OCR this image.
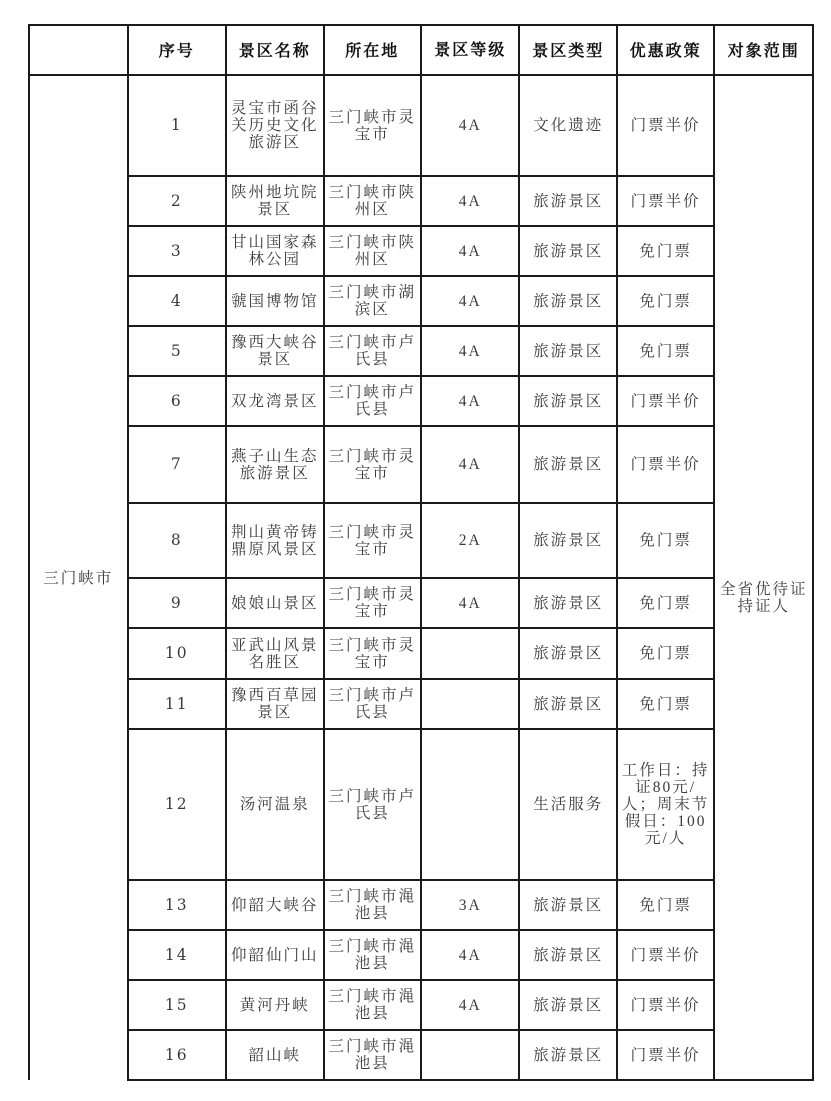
	序号	景区名称	所在地	景区等级	景区类型	优惠政策	对象范围
三门峡市	1	灵宝市函谷关历史文化旅游区	三门峡市灵宝市	4A	文化遗迹	门票半价	全省优待证持证人
	2	陕州地坑院景区	三门峡市陕州区	4A	旅游景区	门票半价	
	3	甘山国家森林公园	三门峡市陕州区	4A	旅游景区	免门票	
	4	虢国博物馆	三门峡市湖滨区	4A	旅游景区	免门票	
	5	豫西大峡谷景区	三门峡市卢氏县	4A	旅游景区	免门票	
	6	双龙湾景区	三门峡市卢氏县	4A	旅游景区	门票半价	
	7	燕子山生态旅游景区	三门峡市灵宝市	4A	旅游景区	门票半价	
	8	荆山黄帝铸鼎原风景区	三门峡市灵宝市	2A	旅游景区	免门票	
	9	娘娘山景区	三门峡市灵宝市	4A	旅游景区	免门票	
	10	亚武山风景名胜区	三门峡市灵宝市		旅游景区	免门票	
	11	豫西百草园景区	三门峡市卢氏县		旅游景区	免门票	
	12	汤河温泉	三门峡市卢氏县		生活服务	工作日：持证80元/人；周末节假日：100元/人	
	13	仰韶大峡谷	三门峡市渑池县	3A	旅游景区	免门票	
	14	仰韶仙门山	三门峡市渑池县	4A	旅游景区	门票半价	
	15	黄河丹峡	三门峡市渑池县	4A	旅游景区	门票半价	
	16	韶山峡	三门峡市渑池县		旅游景区	门票半价	
